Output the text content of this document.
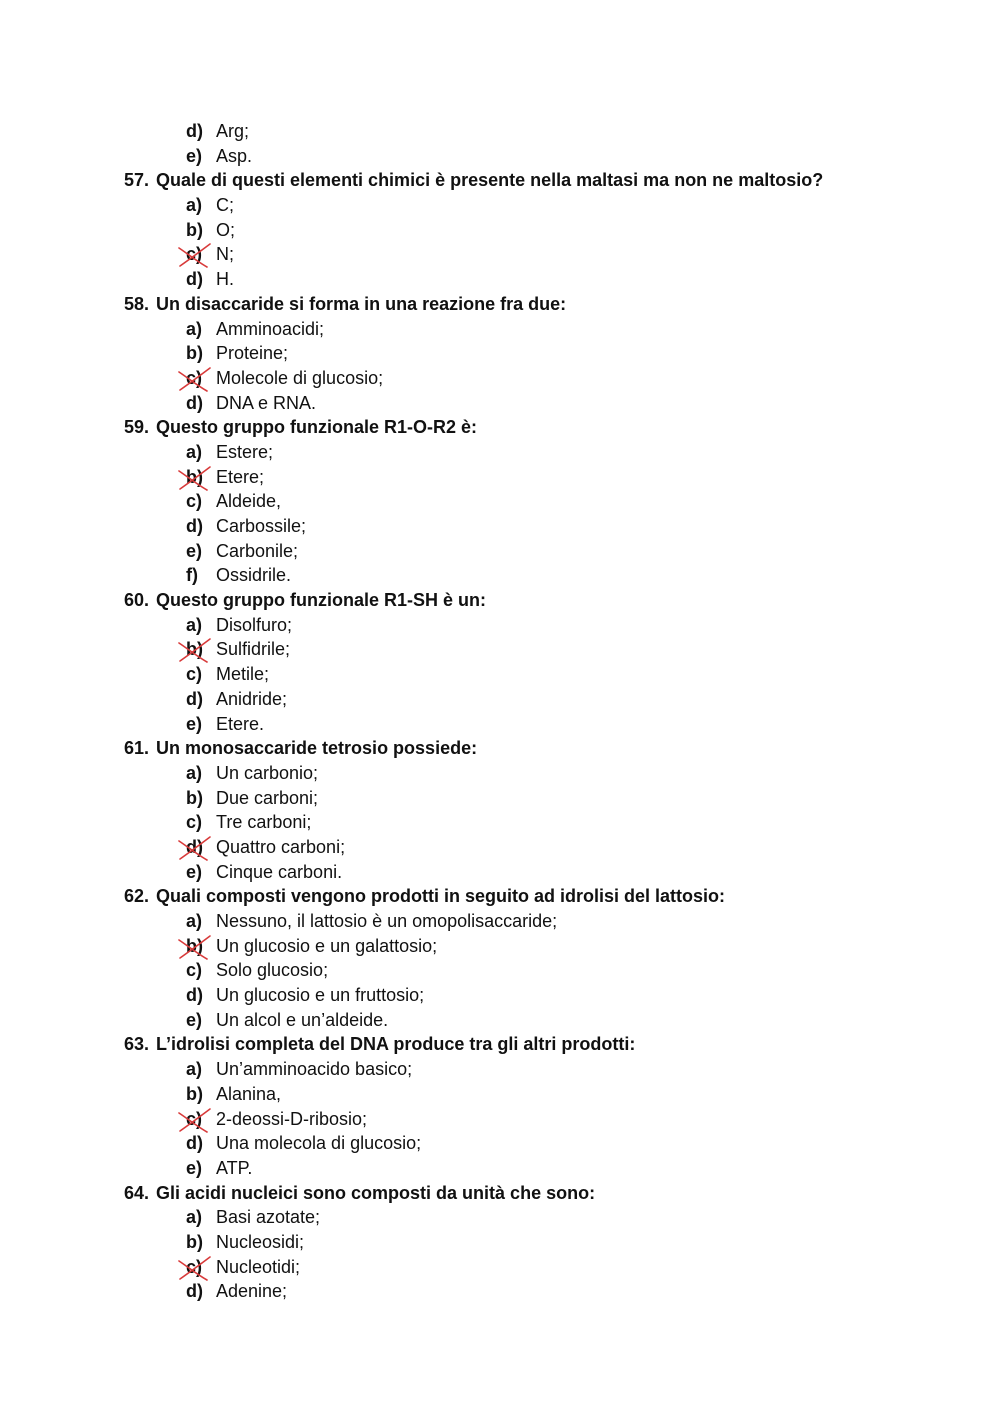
d) Arg;
e) Asp.
57. Quale di questi elementi chimici è presente nella maltasi ma non ne maltosio?
a) C;
b) O;
c) N;
d) H.
58. Un disaccaride si forma in una reazione fra due:
a) Amminoacidi;
b) Proteine;
c) Molecole di glucosio;
d) DNA e RNA.
59. Questo gruppo funzionale R1-O-R2 è:
a) Estere;
b) Etere;
c) Aldeide,
d) Carbossile;
e) Carbonile;
f) Ossidrile.
60. Questo gruppo funzionale R1-SH è un:
a) Disolfuro;
b) Sulfidrile;
c) Metile;
d) Anidride;
e) Etere.
61. Un monosaccaride tetrosio possiede:
a) Un carbonio;
b) Due carboni;
c) Tre carboni;
d) Quattro carboni;
e) Cinque carboni.
62. Quali composti vengono prodotti in seguito ad idrolisi del lattosio:
a) Nessuno, il lattosio è un omopolisaccaride;
b) Un glucosio e un galattosio;
c) Solo glucosio;
d) Un glucosio e un fruttosio;
e) Un alcol e un’aldeide.
63. L’idrolisi completa del DNA produce tra gli altri prodotti:
a) Un’amminoacido basico;
b) Alanina,
c) 2-deossi-D-ribosio;
d) Una molecola di glucosio;
e) ATP.
64. Gli acidi nucleici sono composti da unità che sono:
a) Basi azotate;
b) Nucleosidi;
c) Nucleotidi;
d) Adenine;
